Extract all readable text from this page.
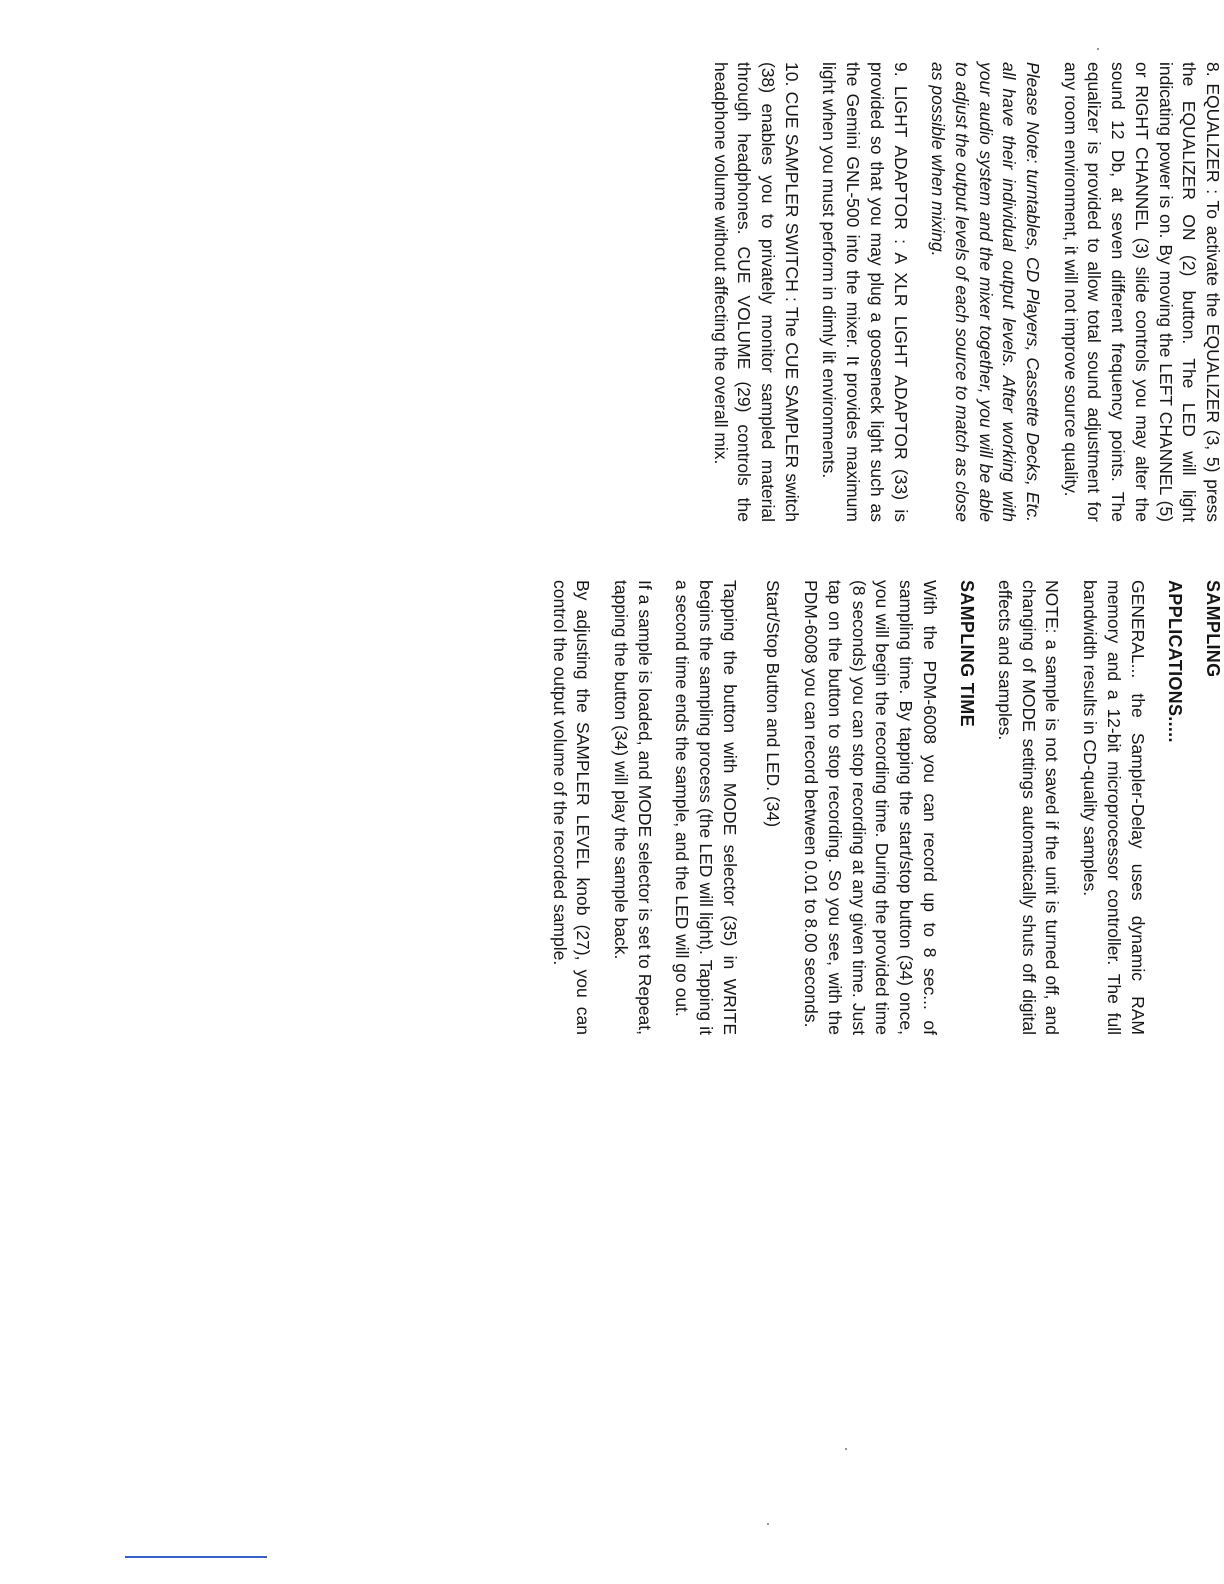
8. EQUALIZER : To activate the EQUALIZER (3, 5) press the EQUALIZER ON (2) button. The LED will light indicating power is on. By moving the LEFT CHANNEL (5) or RIGHT CHANNEL (3) slide controls you may alter the sound 12 Db, at seven different frequency points. The equalizer is provided to allow total sound adjustment for any room environment, it will not improve source quality.

Please Note: turntables, CD Players, Cassette Decks, Etc. all have their individual output levels. After working with your audio system and the mixer together, you will be able to adjust the output levels of each source to match as close as possible when mixing.

9. LIGHT ADAPTOR : A XLR LIGHT ADAPTOR (33) is provided so that you may plug a gooseneck light such as the Gemini GNL-500 into the mixer. It provides maximum light when you must perform in dimly lit environments.

10. CUE SAMPLER SWITCH : The CUE SAMPLER switch (38) enables you to privately monitor sampled material through headphones. CUE VOLUME (29) controls the headphone volume without affecting the overall mix.

SAMPLING

APPLICATIONS.....

GENERAL... the Sampler-Delay uses dynamic RAM memory and a 12-bit microprocessor controller. The full bandwidth results in CD-quality samples.

NOTE: a sample is not saved if the unit is turned off, and changing of MODE settings automatically shuts off digital effects and samples.

SAMPLING TIME

With the PDM-6008 you can record up to 8 sec... of sampling time. By tapping the start/stop button (34) once, you will begin the recording time. During the provided time (8 seconds) you can stop recording at any given time. Just tap on the button to stop recording. So you see, with the PDM-6008 you can record between 0.01 to 8.00 seconds.

Start/Stop Button and LED. (34)

Tapping the button with MODE selector (35) in WRITE begins the sampling process (the LED will light). Tapping it a second time ends the sample, and the LED will go out.

If a sample is loaded, and MODE selector is set to Repeat, tapping the button (34) will play the sample back.

By adjusting the SAMPLER LEVEL knob (27), you can control the output volume of the recorded sample.
